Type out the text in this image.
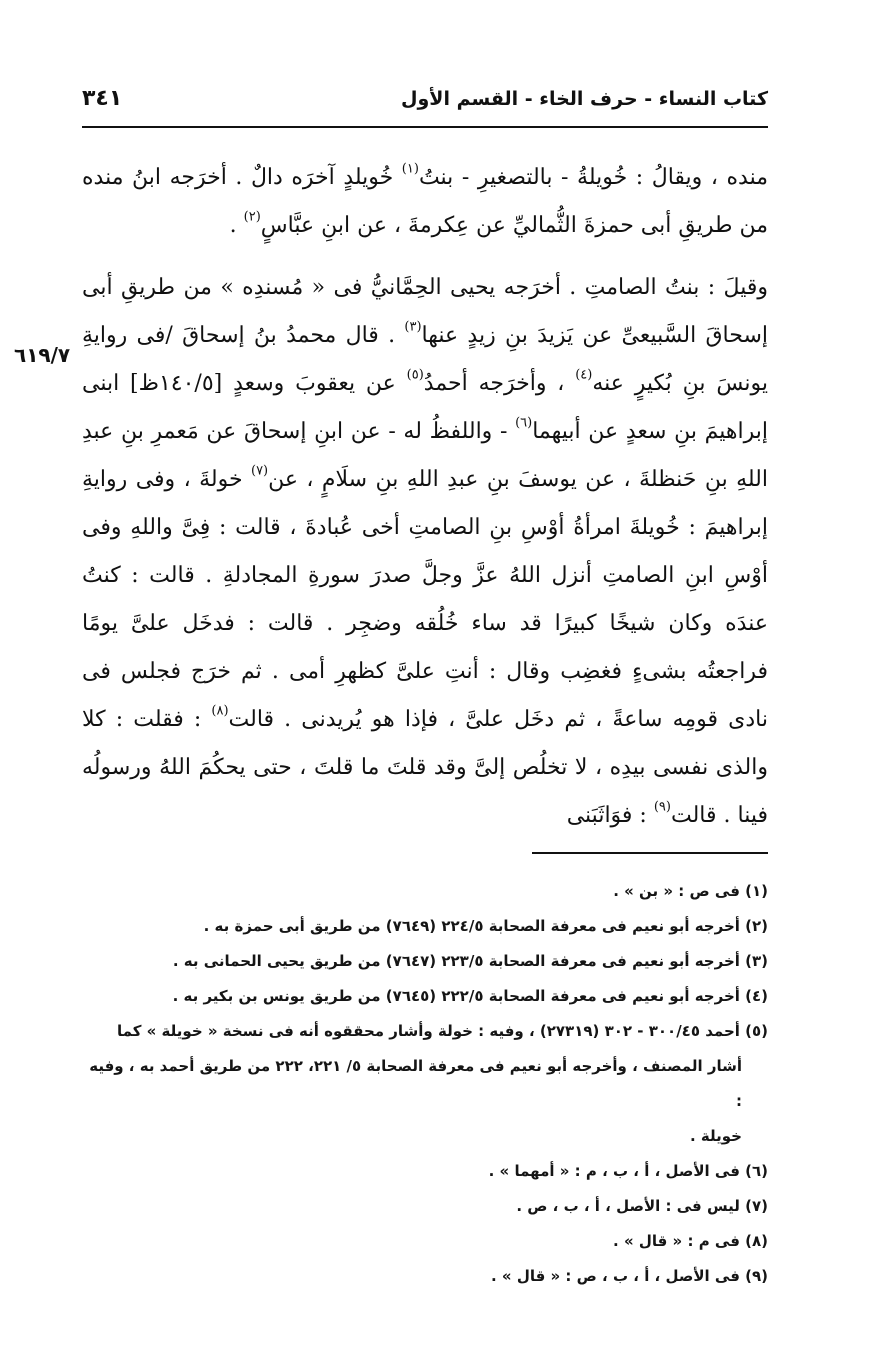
كتاب النساء - حرف الخاء - القسم الأول
٣٤١
٦١٩/٧

منده ، ويقالُ : خُويلةُ - بالتصغيرِ - بنتُ$^{(١)}$ خُويلدٍ آخرَه دالٌ . أخرَجه ابنُ منده من طريقِ أبى حمزةَ الثُّماليِّ عن عِكرمةَ ، عن ابنِ عبَّاسٍ$^{(٢)}$ .

وقيلَ : بنتُ الصامتِ . أخرَجه يحيى الحِمَّانيُّ فى « مُسندِه » من طريقِ أبى إسحاقَ السَّبيعىِّ عن يَزيدَ بنِ زيدٍ عنها$^{(٣)}$ . قال محمدُ بنُ إسحاقَ /فى روايةِ يونسَ بنِ بُكيرٍ عنه$^{(٤)}$ ، وأخرَجه أحمدُ$^{(٥)}$ عن يعقوبَ وسعدٍ [١٤٠/٥ظ] ابنى إبراهيمَ بنِ سعدٍ عن أبيهما$^{(٦)}$ - واللفظُ له - عن ابنِ إسحاقَ عن مَعمرِ بنِ عبدِ اللهِ بنِ حَنظلةَ ، عن يوسفَ بنِ عبدِ اللهِ بنِ سلَامٍ ، عن$^{(٧)}$ خولةَ ، وفى روايةِ إبراهيمَ : خُويلةَ امرأةُ أوْسِ بنِ الصامتِ أخى عُبادةَ ، قالت : فِىَّ واللهِ وفى أوْسِ ابنِ الصامتِ أنزل اللهُ عزَّ وجلَّ صدرَ سورةِ المجادلةِ . قالت : كنتُ عندَه وكان شيخًا كبيرًا قد ساء خُلُقه وضجِر . قالت : فدخَل علىَّ يومًا فراجعتُه بشىءٍ فغضِب وقال : أنتِ علىَّ كظهرِ أمى . ثم خرَج فجلس فى نادى قومِه ساعةً ، ثم دخَل علىَّ ، فإذا هو يُريدنى . قالت$^{(٨)}$ : فقلت : كلا والذى نفسى بيدِه ، لا تخلُص إلىَّ وقد قلتَ ما قلتَ ، حتى يحكُمَ اللهُ ورسولُه فينا . قالت$^{(٩)}$ : فوَاثَبَنى

(١) فى ص : « بن » .
(٢) أخرجه أبو نعيم فى معرفة الصحابة ٢٢٤/٥ (٧٦٤٩) من طريق أبى حمزة به .
(٣) أخرجه أبو نعيم فى معرفة الصحابة ٢٢٣/٥ (٧٦٤٧) من طريق يحيى الحمانى به .
(٤) أخرجه أبو نعيم فى معرفة الصحابة ٢٢٢/٥ (٧٦٤٥) من طريق يونس بن بكير به .
(٥) أحمد ٣٠٠/٤٥ - ٣٠٢ (٢٧٣١٩) ، وفيه : خولة وأشار محققوه أنه فى نسخة « خويلة » كما
أشار المصنف ، وأخرجه أبو نعيم فى معرفة الصحابة ٥/ ٢٢١، ٢٢٢ من طريق أحمد به ، وفيه :
خويلة .
(٦) فى الأصل ، أ ، ب ، م : « أمهما » .
(٧) ليس فى : الأصل ، أ ، ب ، ص .
(٨) فى م : « قال » .
(٩) فى الأصل ، أ ، ب ، ص : « قال » .
